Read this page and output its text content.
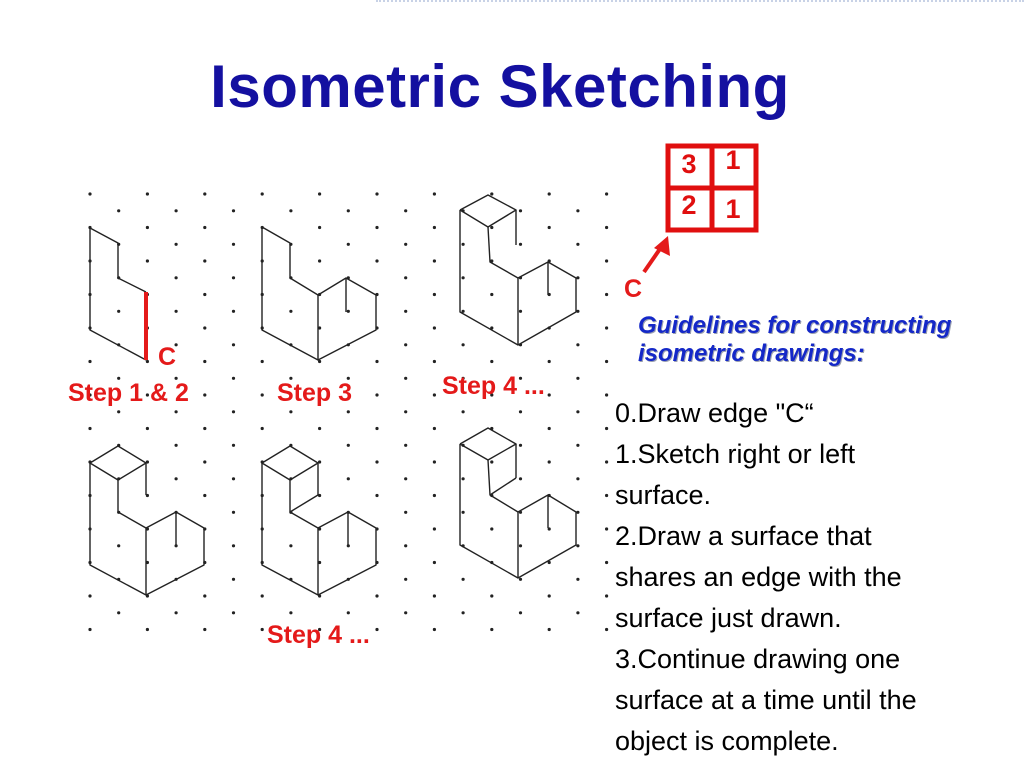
Isometric Sketching
C
Step 1 & 2	Step 3	Step 4 ...
Step 4 ...
3 1
2 1
C
Guidelines for constructing
isometric drawings:
0.Draw edge "C“
1.Sketch right or left
surface.
2.Draw a surface that
shares an edge with the
surface just drawn.
3.Continue drawing one
surface at a time until the
object is complete.
